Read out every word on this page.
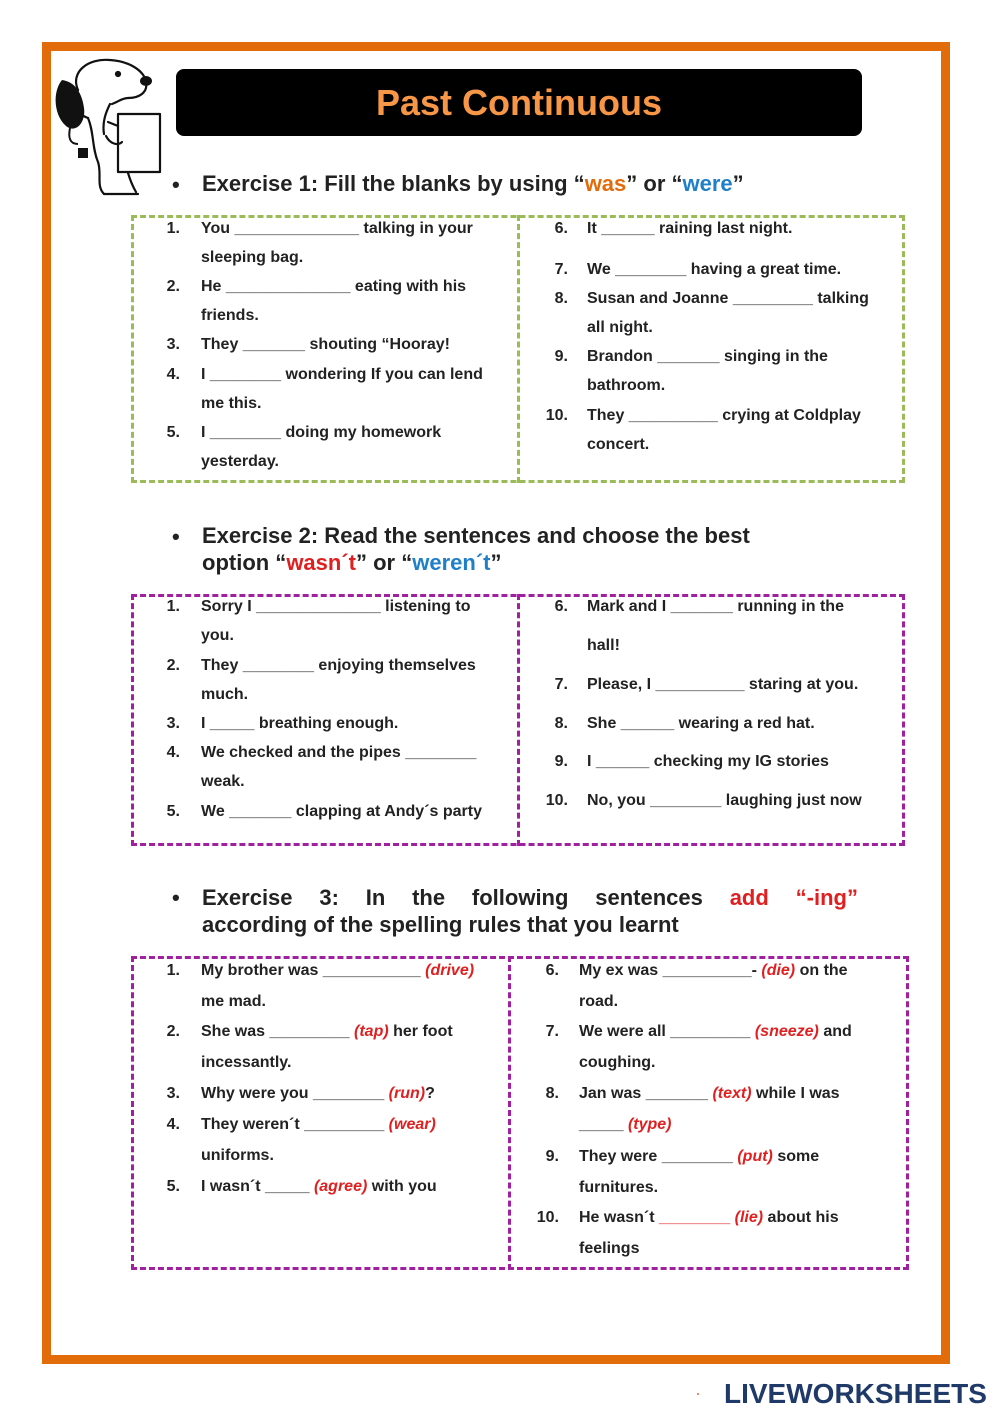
Past Continuous
• Exercise 1: Fill the blanks by using “was” or “were”
1. You ______________ talking in your
sleeping bag.
2. He ______________ eating with his
friends.
3. They _______ shouting “Hooray!
4. I ________ wondering If you can lend
me this.
5. I ________ doing my homework
yesterday.
6. It ______ raining last night.
7. We ________ having a great time.
8. Susan and Joanne _________ talking
all night.
9. Brandon _______ singing in the
bathroom.
10. They __________ crying at Coldplay
concert.
• Exercise 2: Read the sentences and choose the best
option “wasn´t” or “weren´t”
1. Sorry I ______________ listening to
you.
2. They ________ enjoying themselves
much.
3. I _____ breathing enough.
4. We checked and the pipes ________
weak.
5. We _______ clapping at Andy´s party
6. Mark and I _______ running in the
hall!
7. Please, I __________ staring at you.
8. She ______ wearing a red hat.
9. I ______ checking my IG stories
10. No, you ________ laughing just now
• Exercise 3: In the following sentences add “-ing”
according of the spelling rules that you learnt
1. My brother was ___________ (drive)
me mad.
2. She was _________ (tap) her foot
incessantly.
3. Why were you ________ (run)?
4. They weren´t _________ (wear)
uniforms.
5. I wasn´t _____ (agree) with you
6. My ex was __________- (die) on the
road.
7. We were all _________ (sneeze) and
coughing.
8. Jan was _______ (text) while I was
_____ (type)
9. They were ________ (put) some
furnitures.
10. He wasn´t ________ (lie) about his
feelings
LIVEWORKSHEETS
